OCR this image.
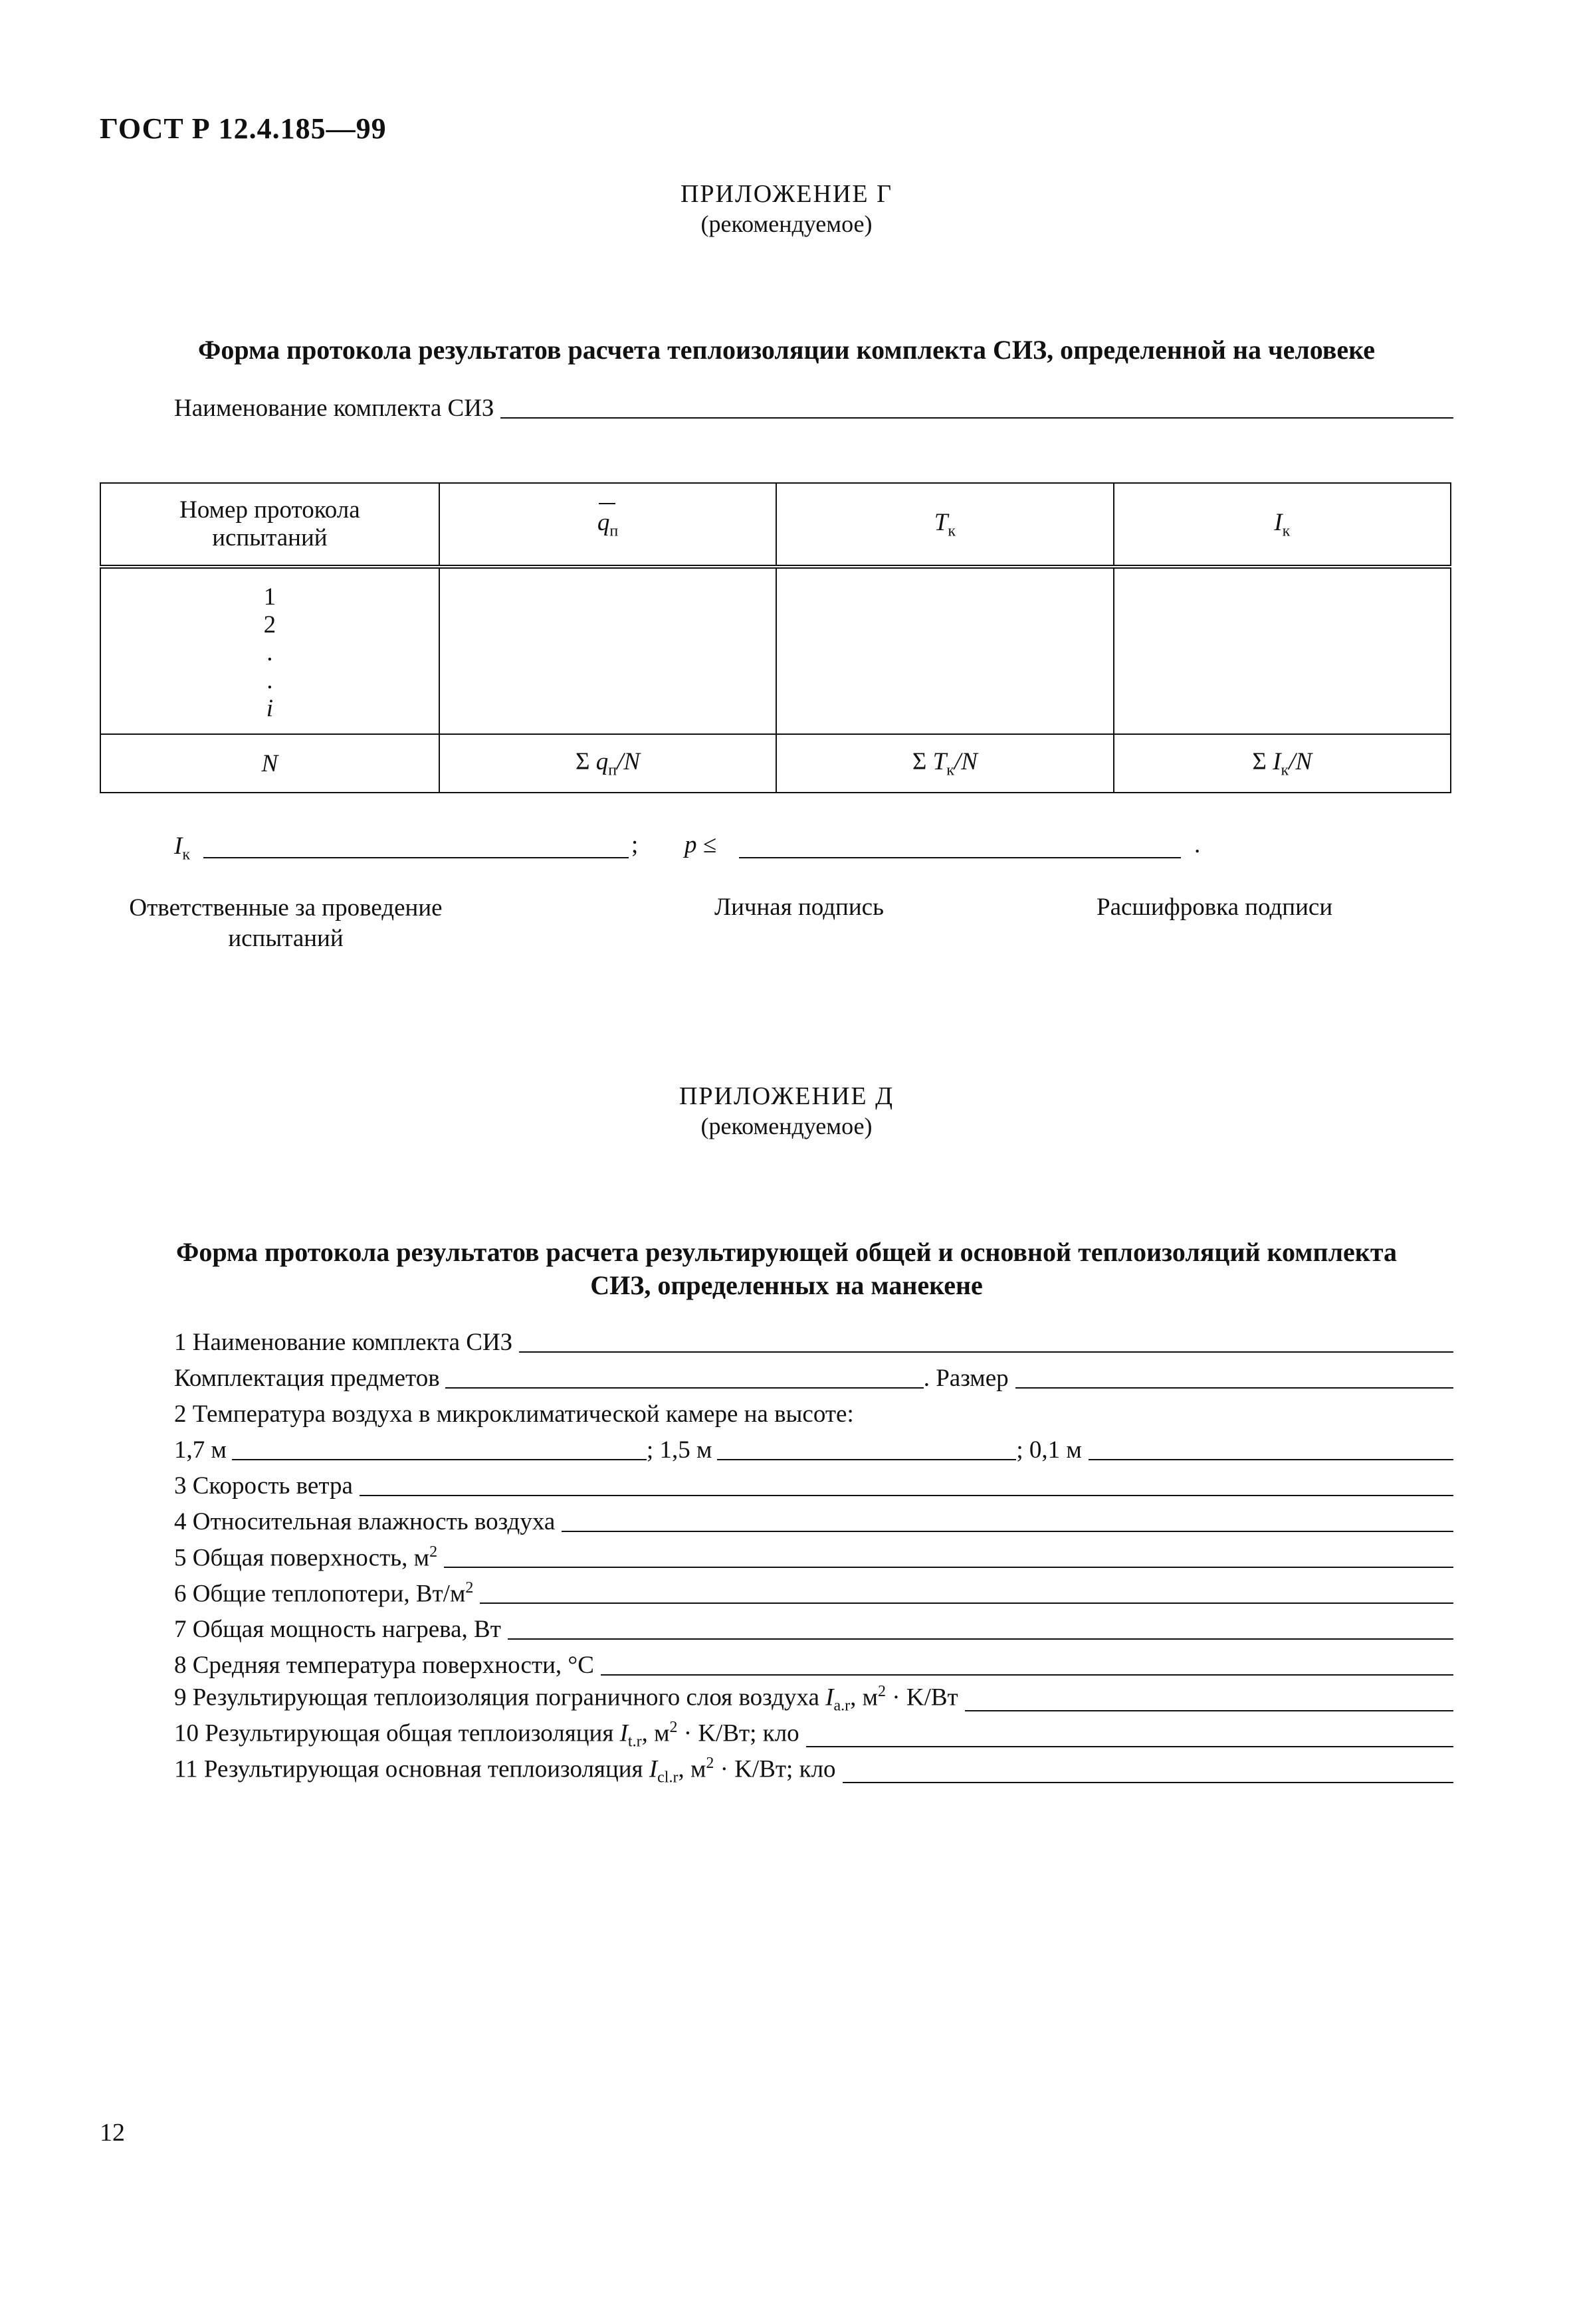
ГОСТ Р 12.4.185—99
ПРИЛОЖЕНИЕ Г
(рекомендуемое)
Форма протокола результатов расчета теплоизоляции комплекта СИЗ, определенной на человеке
Наименование комплекта СИЗ
Номер протокола испытаний	$q_п$	$T_к$	$I_к$

1
2
.
.
i			

N	Σ $q_п/N$	Σ $T_к/N$	Σ $I_к/N$
$I_к$	; p ≤	.
Ответственные за проведение
испытаний
Личная подпись	Расшифровка подписи
ПРИЛОЖЕНИЕ Д
(рекомендуемое)
Форма протокола результатов расчета результирующей общей и основной теплоизоляций комплекта
СИЗ, определенных на манекене
1 Наименование комплекта СИЗ
Комплектация предметов	. Размер
2 Температура воздуха в микроклиматической камере на высоте:
1,7 м	; 1,5 м	; 0,1 м
3 Скорость ветра
4 Относительная влажность воздуха
5 Общая поверхность, $м^2$
6 Общие теплопотери, $Вт/м^2$
7 Общая мощность нагрева, Вт
8 Средняя температура поверхности, °С
9 Результирующая теплоизоляция пограничного слоя воздуха $I_{a.r}$, $м^2 \cdot K/Вт$
10 Результирующая общая теплоизоляция $I_{t.r}$, $м^2 \cdot K/Вт$; кло
11 Результирующая основная теплоизоляция $I_{cl.r}$, $м^2 \cdot K/Вт$; кло
12
